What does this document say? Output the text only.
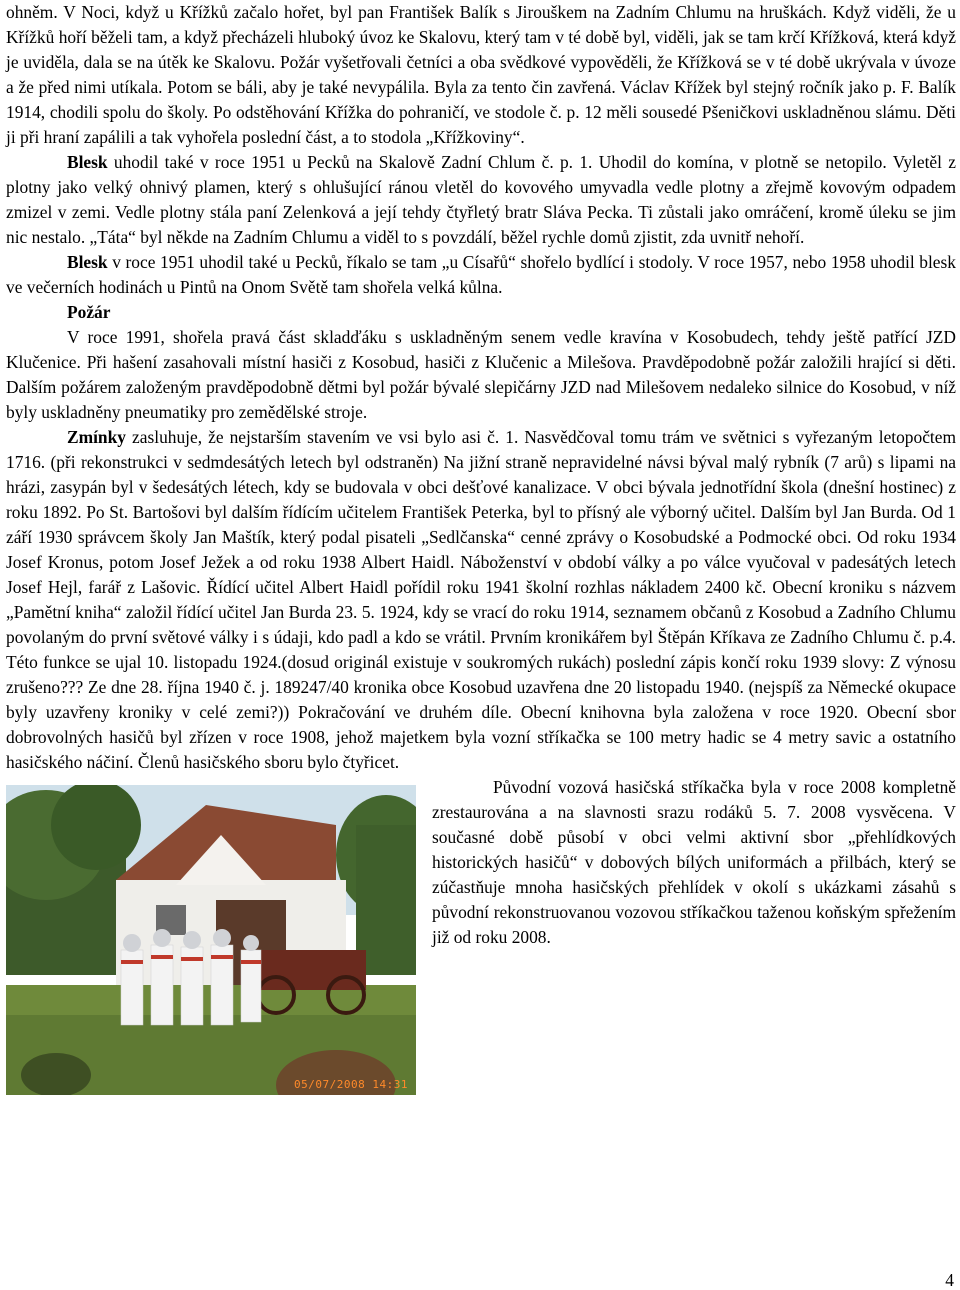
ohněm. V Noci, když u Křížků začalo hořet, byl pan František Balík s Jirouškem na Zadním Chlumu na hruškách. Když viděli, že u Křížků hoří běželi tam, a když přecházeli hluboký úvoz ke Skalovu, který tam v té době byl, viděli, jak se tam krčí Křížková, která když je uviděla, dala se na útěk ke Skalovu. Požár vyšetřovali četníci a oba svědkové vypověděli, že Křížková se v té době ukrývala v úvoze a že před nimi utíkala. Potom se báli, aby je také nevypálila. Byla za tento čin zavřená. Václav Křížek byl stejný ročník jako p. F. Balík 1914, chodili spolu do školy. Po odstěhování Křížka do pohraničí, ve stodole č. p. 12 měli sousedé Pšeničkovi uskladněnou slámu. Děti ji při hraní zapálili a tak vyhořela poslední část, a to stodola „Křížkoviny“.

Blesk uhodil také v roce 1951 u Pecků na Skalově Zadní Chlum č. p. 1. Uhodil do komína, v plotně se netopilo. Vyletěl z plotny jako velký ohnivý plamen, který s ohlušující ránou vletěl do kovového umyvadla vedle plotny a zřejmě kovovým odpadem zmizel v zemi. Vedle plotny stála paní Zelenková a její tehdy čtyřletý bratr Sláva Pecka. Ti zůstali jako omráčení, kromě úleku se jim nic nestalo. „Táta“ byl někde na Zadním Chlumu a viděl to s povzdálí, běžel rychle domů zjistit, zda uvnitř nehoří.

Blesk v roce 1951 uhodil také u Pecků, říkalo se tam „u Císařů“ shořelo bydlící i stodoly. V roce 1957, nebo 1958 uhodil blesk ve večerních hodinách u Pintů na Onom Světě tam shořela velká kůlna.

Požár

V roce 1991, shořela pravá část skladďáku s uskladněným senem vedle kravína v Kosobudech, tehdy ještě patřící JZD Klučenice. Při hašení zasahovali místní hasiči z Kosobud, hasiči z Klučenic a Milešova. Pravděpodobně požár založili hrající si děti. Dalším požárem založeným pravděpodobně dětmi byl požár bývalé slepičárny JZD nad Milešovem nedaleko silnice do Kosobud, v níž byly uskladněny pneumatiky pro zemědělské stroje.

Zmínky zasluhuje, že nejstarším stavením ve vsi bylo asi č. 1. Nasvědčoval tomu trám ve světnici s vyřezaným letopočtem 1716. (při rekonstrukci v sedmdesátých letech byl odstraněn) Na jižní straně nepravidelné návsi býval malý rybník (7 arů) s lipami na hrázi, zasypán byl v šedesátých létech, kdy se budovala v obci dešťové kanalizace. V obci bývala jednotřídní škola (dnešní hostinec) z roku 1892. Po St. Bartošovi byl dalším řídícím učitelem František Peterka, byl to přísný ale výborný učitel. Dalším byl Jan Burda. Od 1 září 1930 správcem školy Jan Maštík, který podal pisateli „Sedlčanska“ cenné zprávy o Kosobudské a Podmocké obci. Od roku 1934 Josef Kronus, potom Josef Ježek a od roku 1938 Albert Haidl. Náboženství v období války a po válce vyučoval v padesátých letech Josef Hejl, farář z Lašovic. Řídící učitel Albert Haidl pořídil roku 1941 školní rozhlas nákladem 2400 kč. Obecní kroniku s názvem „Pamětní kniha“ založil řídící učitel Jan Burda 23. 5. 1924, kdy se vrací do roku 1914, seznamem občanů z Kosobud a Zadního Chlumu povolaným do první světové války i s údaji, kdo padl a kdo se vrátil. Prvním kronikářem byl Štěpán Kříkava ze Zadního Chlumu č. p.4. Této funkce se ujal 10. listopadu 1924.(dosud originál existuje v soukromých rukách) poslední zápis končí roku 1939 slovy: Z výnosu zrušeno??? Ze dne 28. října 1940 č. j. 189247/40 kronika obce Kosobud uzavřena dne 20 listopadu 1940. (nejspíš za Německé okupace byly uzavřeny kroniky v celé zemi?)) Pokračování ve druhém díle. Obecní knihovna byla založena v roce 1920. Obecní sbor dobrovolných hasičů byl zřízen v roce 1908, jehož majetkem byla vozní stříkačka se 100 metry hadic se 4 metry savic a ostatního hasičského náčiní. Členů hasičského sboru bylo čtyřicet.

05/07/2008 14:31

Původní vozová hasičská stříkačka byla v roce 2008 kompletně zrestaurována a na slavnosti srazu rodáků 5. 7. 2008 vysvěcena. V současné době působí v obci velmi aktivní sbor „přehlídkových historických hasičů“ v dobových bílých uniformách a přilbách, který se zúčastňuje mnoha hasičských přehlídek v okolí s ukázkami zásahů s původní rekonstruovanou vozovou stříkačkou taženou koňským spřežením již od roku 2008.

4
